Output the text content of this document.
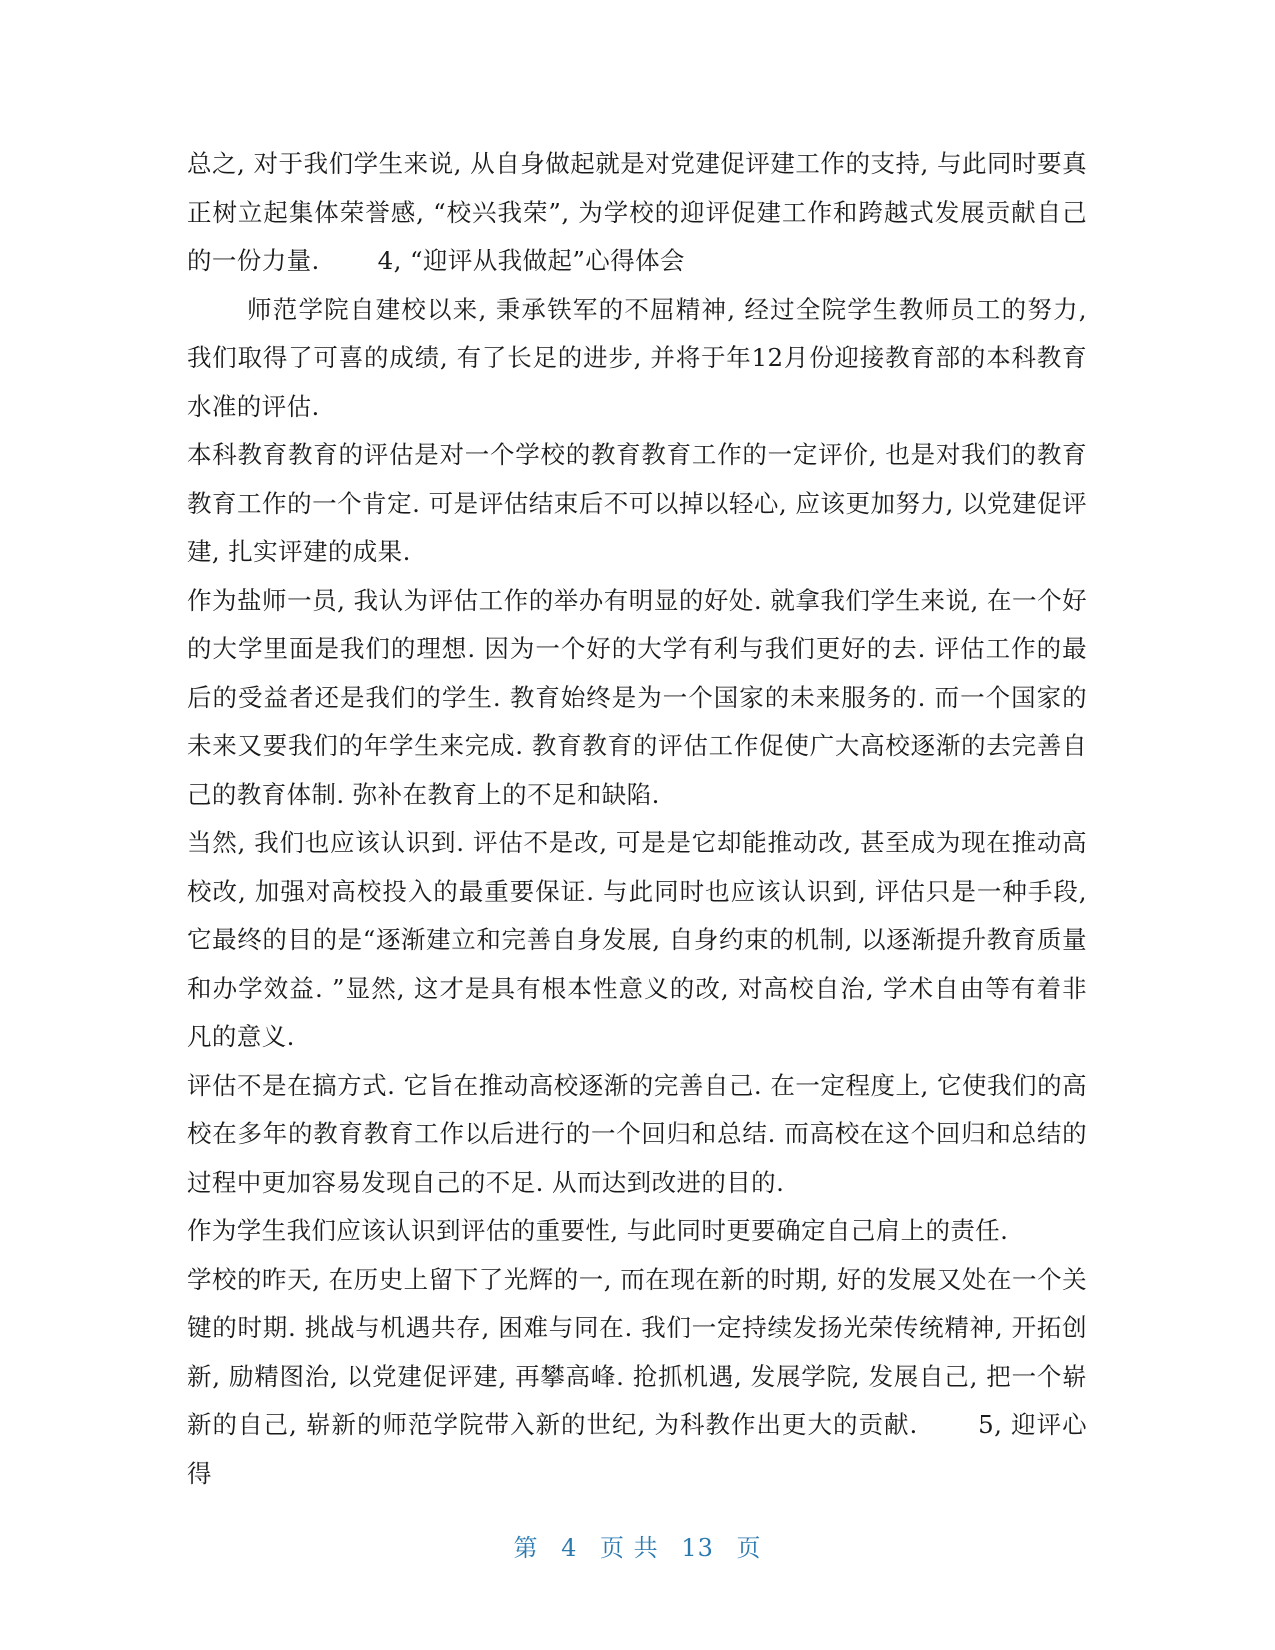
总之, 对于我们学生来说, 从自身做起就是对党建促评建工作的支持, 与此同时要真正树立起集体荣誉感, “校兴我荣”, 为学校的迎评促建工作和跨越式发展贡献自己的一份力量.　　 4, “迎评从我做起”心得体会

师范学院自建校以来, 秉承铁军的不屈精神, 经过全院学生教师员工的努力, 我们取得了可喜的成绩, 有了长足的进步, 并将于年12月份迎接教育部的本科教育水准的评估.

本科教育教育的评估是对一个学校的教育教育工作的一定评价, 也是对我们的教育教育工作的一个肯定. 可是评估结束后不可以掉以轻心, 应该更加努力, 以党建促评建, 扎实评建的成果.

作为盐师一员, 我认为评估工作的举办有明显的好处. 就拿我们学生来说, 在一个好的大学里面是我们的理想. 因为一个好的大学有利与我们更好的去. 评估工作的最后的受益者还是我们的学生. 教育始终是为一个国家的未来服务的. 而一个国家的未来又要我们的年学生来完成. 教育教育的评估工作促使广大高校逐渐的去完善自己的教育体制. 弥补在教育上的不足和缺陷.

当然, 我们也应该认识到. 评估不是改, 可是是它却能推动改, 甚至成为现在推动高校改, 加强对高校投入的最重要保证. 与此同时也应该认识到, 评估只是一种手段, 它最终的目的是“逐渐建立和完善自身发展, 自身约束的机制, 以逐渐提升教育质量和办学效益. ”显然, 这才是具有根本性意义的改, 对高校自治, 学术自由等有着非凡的意义.

评估不是在搞方式. 它旨在推动高校逐渐的完善自己. 在一定程度上, 它使我们的高校在多年的教育教育工作以后进行的一个回归和总结. 而高校在这个回归和总结的过程中更加容易发现自己的不足. 从而达到改进的目的.

作为学生我们应该认识到评估的重要性, 与此同时更要确定自己肩上的责任.

学校的昨天, 在历史上留下了光辉的一, 而在现在新的时期, 好的发展又处在一个关键的时期. 挑战与机遇共存, 困难与同在. 我们一定持续发扬光荣传统精神, 开拓创新, 励精图治, 以党建促评建, 再攀高峰. 抢抓机遇, 发展学院, 发展自己, 把一个崭新的自己, 崭新的师范学院带入新的世纪, 为科教作出更大的贡献.　　 5, 迎评心得

第 4 页 共 13 页
